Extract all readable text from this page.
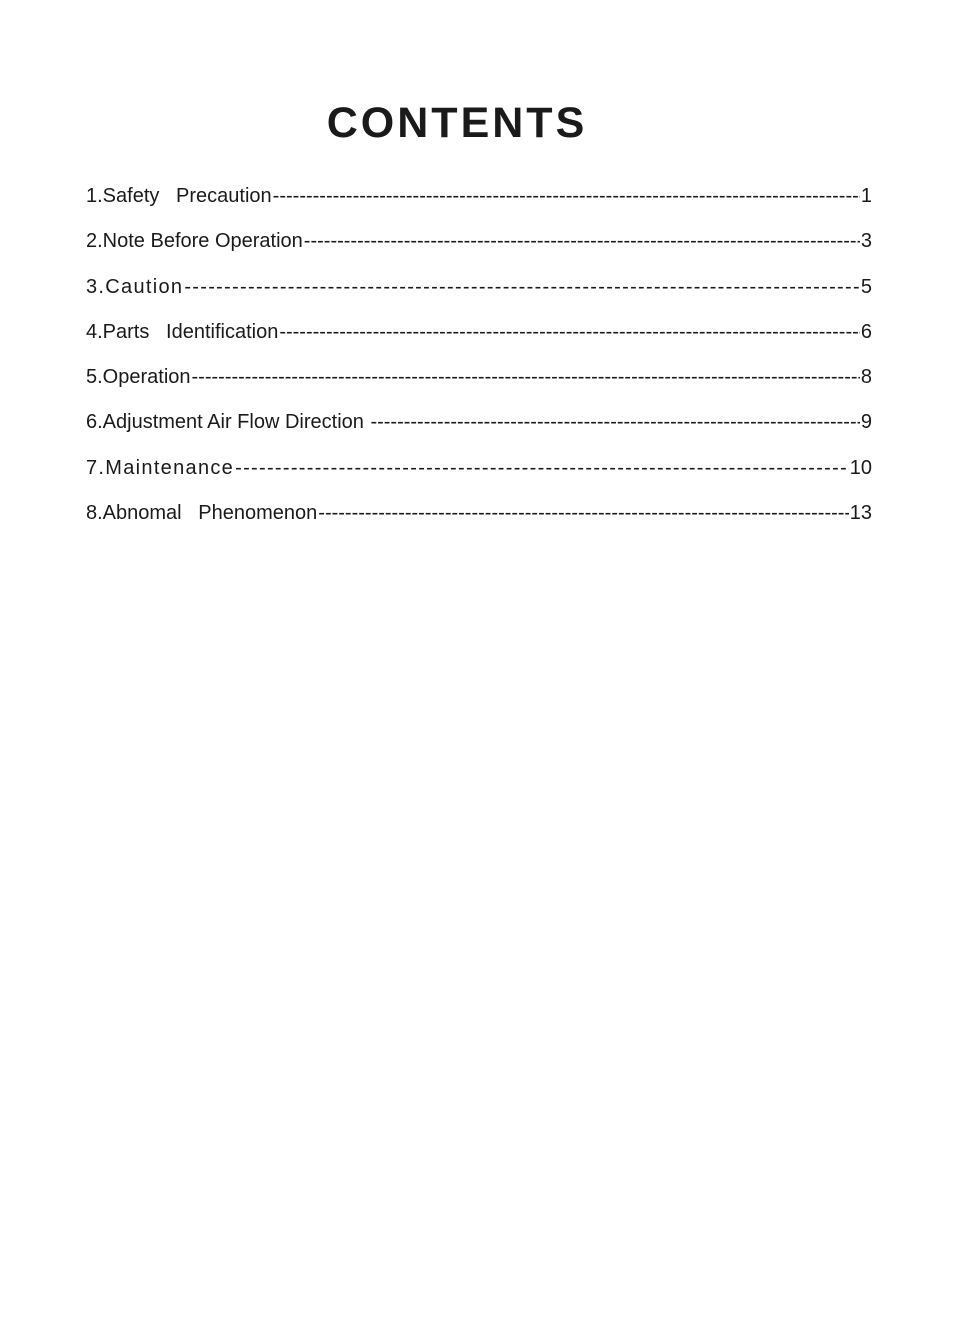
CONTENTS
1.Safety   Precaution -----	1
2.Note Before Operation -----	3
3.Caution -----	5
4.Parts   Identification -----	6
5.Operation -----	8
6.Adjustment Air Flow Direction -----	9
7.Maintenance -----	10
8.Abnomal   Phenomenon -----	13
